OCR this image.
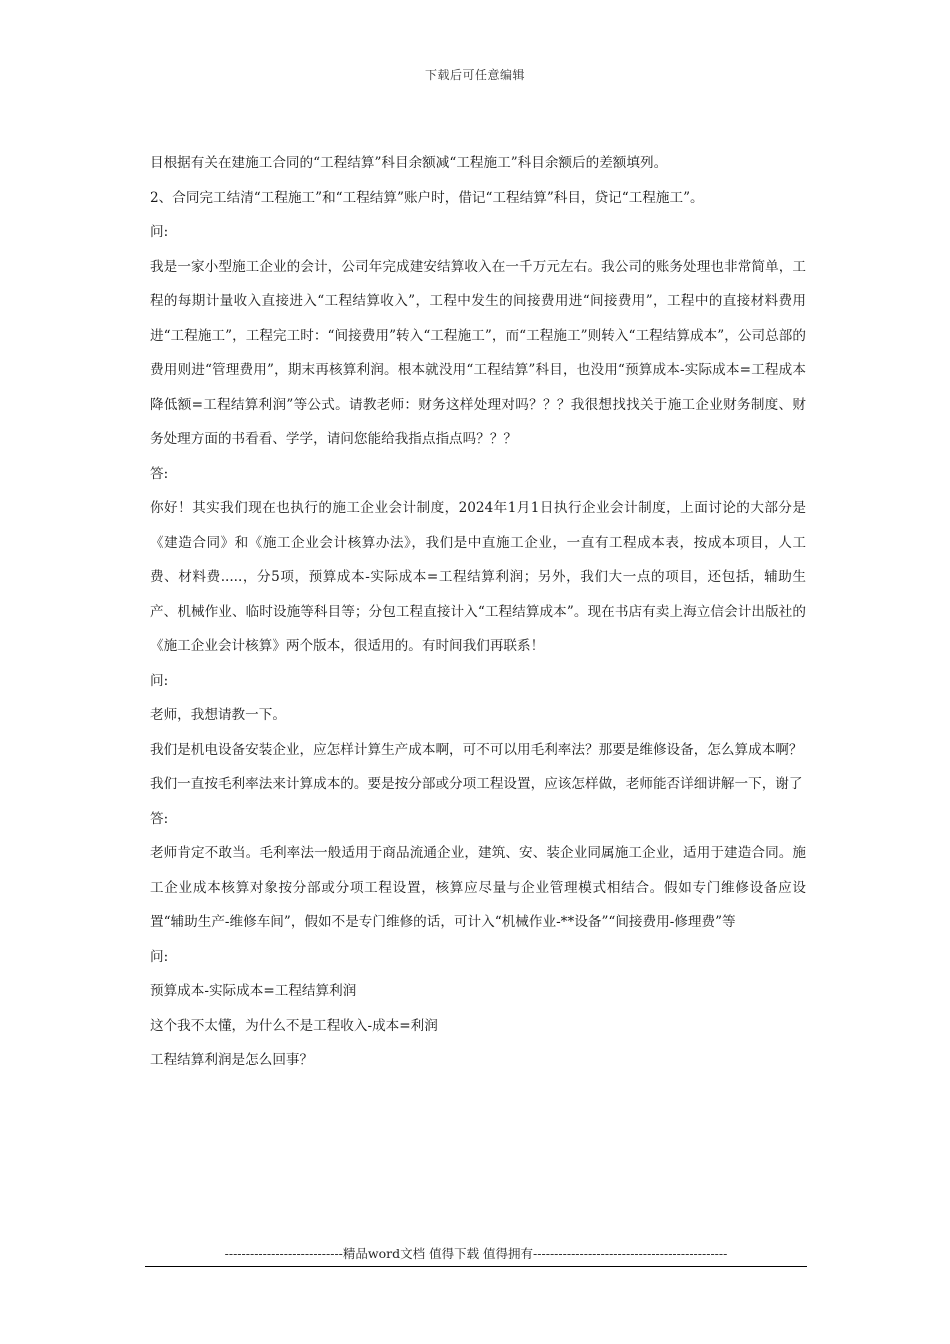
下载后可任意编辑

目根据有关在建施工合同的“工程结算”科目余额减“工程施工”科目余额后的差额填列。

2、合同完工结清“工程施工”和“工程结算”账户时，借记“工程结算”科目，贷记“工程施工”。

问:

我是一家小型施工企业的会计，公司年完成建安结算收入在一千万元左右。我公司的账务处理也非常简单，工程的每期计量收入直接进入“工程结算收入”，工程中发生的间接费用进“间接费用”，工程中的直接材料费用进“工程施工”，工程完工时：“间接费用”转入“工程施工”，而“工程施工”则转入“工程结算成本”，公司总部的费用则进“管理费用”，期末再核算利润。根本就没用“工程结算”科目，也没用“预算成本-实际成本=工程成本降低额=工程结算利润”等公式。请教老师：财务这样处理对吗？？？我很想找找关于施工企业财务制度、财务处理方面的书看看、学学，请问您能给我指点指点吗？？？

答:

你好！其实我们现在也执行的施工企业会计制度，2024年1月1日执行企业会计制度，上面讨论的大部分是《建造合同》和《施工企业会计核算办法》，我们是中直施工企业，一直有工程成本表，按成本项目，人工费、材料费.....，分5项，预算成本-实际成本=工程结算利润；另外，我们大一点的项目，还包括，辅助生产、机械作业、临时设施等科目等；分包工程直接计入“工程结算成本”。现在书店有卖上海立信会计出版社的《施工企业会计核算》两个版本，很适用的。有时间我们再联系！

问:

老师，我想请教一下。

我们是机电设备安装企业，应怎样计算生产成本啊，可不可以用毛利率法？那要是维修设备，怎么算成本啊？

我们一直按毛利率法来计算成本的。要是按分部或分项工程设置，应该怎样做，老师能否详细讲解一下，谢了

答:

老师肯定不敢当。毛利率法一般适用于商品流通企业，建筑、安、装企业同属施工企业，适用于建造合同。施工企业成本核算对象按分部或分项工程设置，核算应尽量与企业管理模式相结合。假如专门维修设备应设置“辅助生产-维修车间”，假如不是专门维修的话，可计入“机械作业-**设备”“间接费用-修理费”等

问:

预算成本-实际成本=工程结算利润

这个我不太懂，为什么不是工程收入-成本=利润

工程结算利润是怎么回事？

----------------------------精品word文档 值得下载 值得拥有----------------------------------------------
